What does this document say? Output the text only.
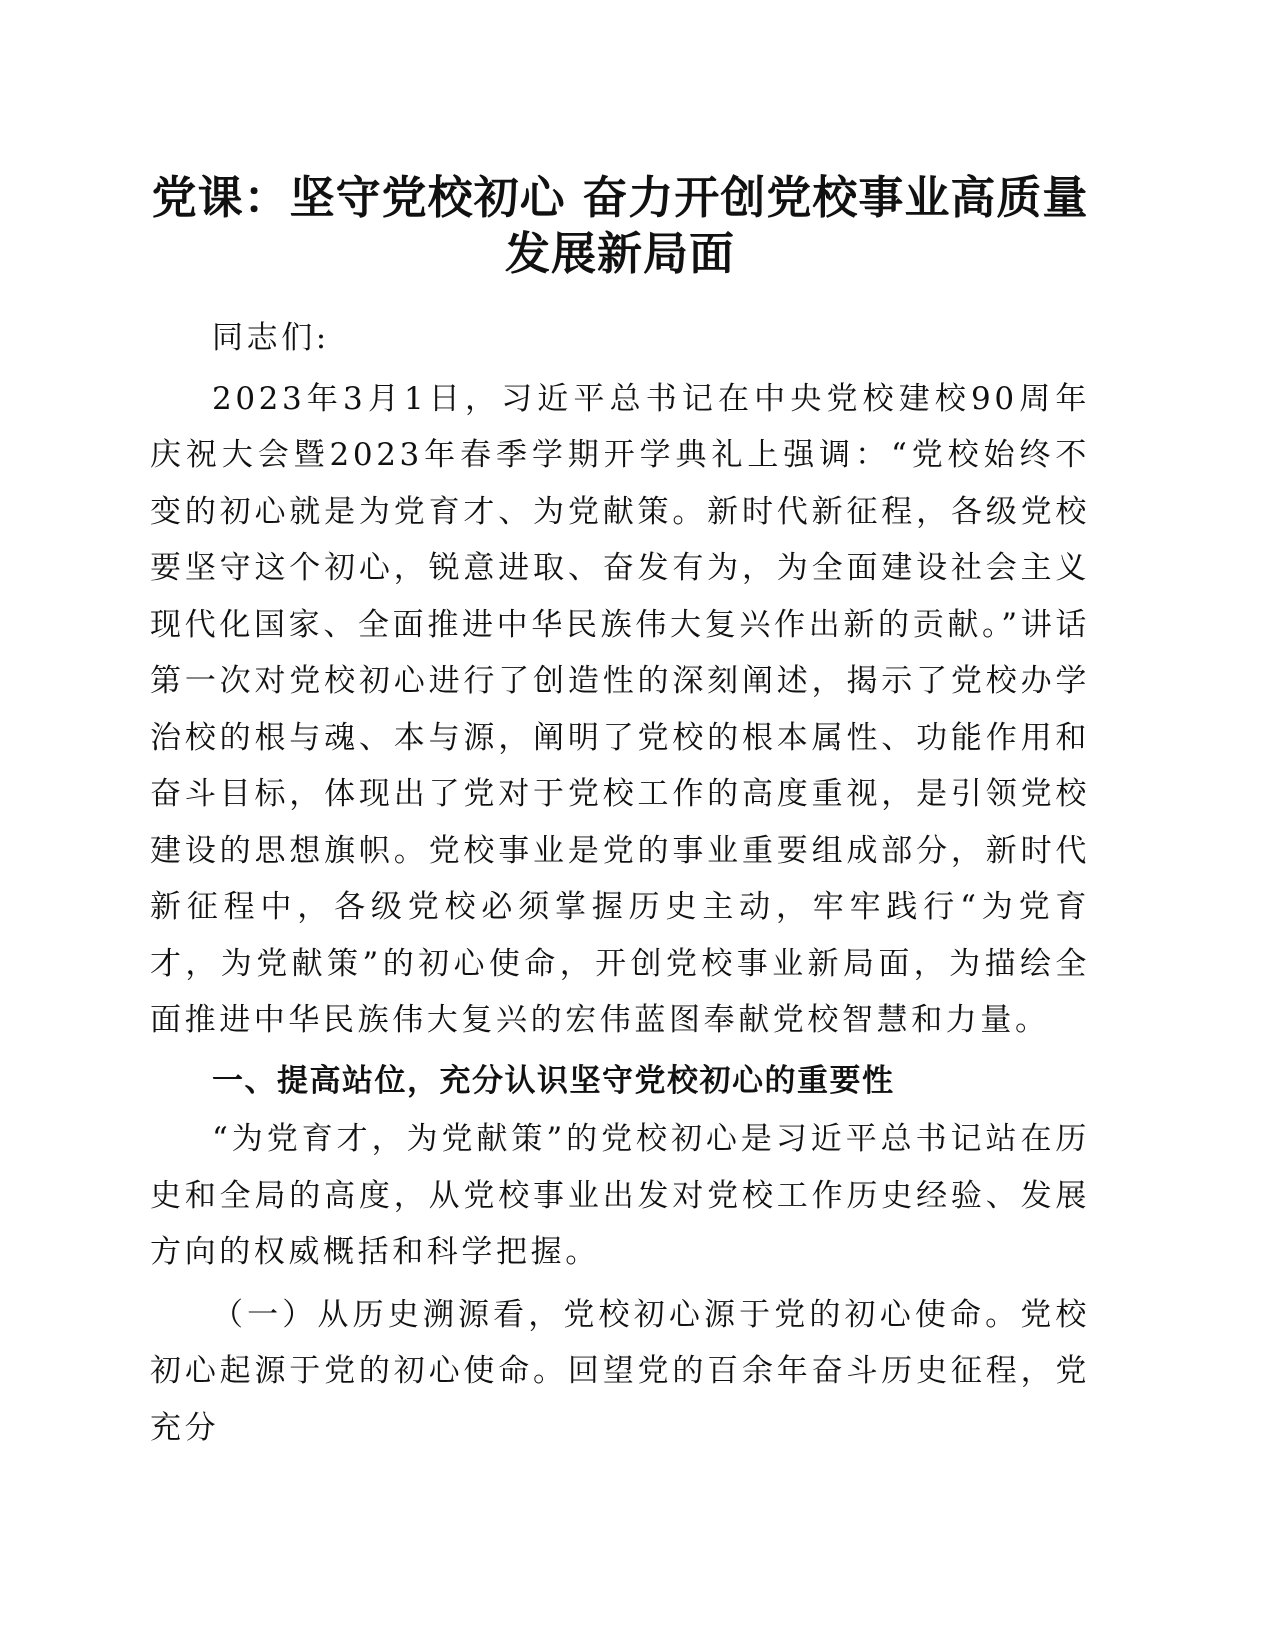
党课：坚守党校初心 奋力开创党校事业高质量
发展新局面

同志们:

2023年3月1日，习近平总书记在中央党校建校90周年庆祝大会暨2023年春季学期开学典礼上强调：“党校始终不变的初心就是为党育才、为党献策。新时代新征程，各级党校要坚守这个初心，锐意进取、奋发有为，为全面建设社会主义现代化国家、全面推进中华民族伟大复兴作出新的贡献。”讲话第一次对党校初心进行了创造性的深刻阐述，揭示了党校办学治校的根与魂、本与源，阐明了党校的根本属性、功能作用和奋斗目标，体现出了党对于党校工作的高度重视，是引领党校建设的思想旗帜。党校事业是党的事业重要组成部分，新时代新征程中，各级党校必须掌握历史主动，牢牢践行“为党育才，为党献策”的初心使命，开创党校事业新局面，为描绘全面推进中华民族伟大复兴的宏伟蓝图奉献党校智慧和力量。

一、提高站位，充分认识坚守党校初心的重要性

“为党育才，为党献策”的党校初心是习近平总书记站在历史和全局的高度，从党校事业出发对党校工作历史经验、发展方向的权威概括和科学把握。

（一）从历史溯源看，党校初心源于党的初心使命。党校初心起源于党的初心使命。回望党的百余年奋斗历史征程，党充分
